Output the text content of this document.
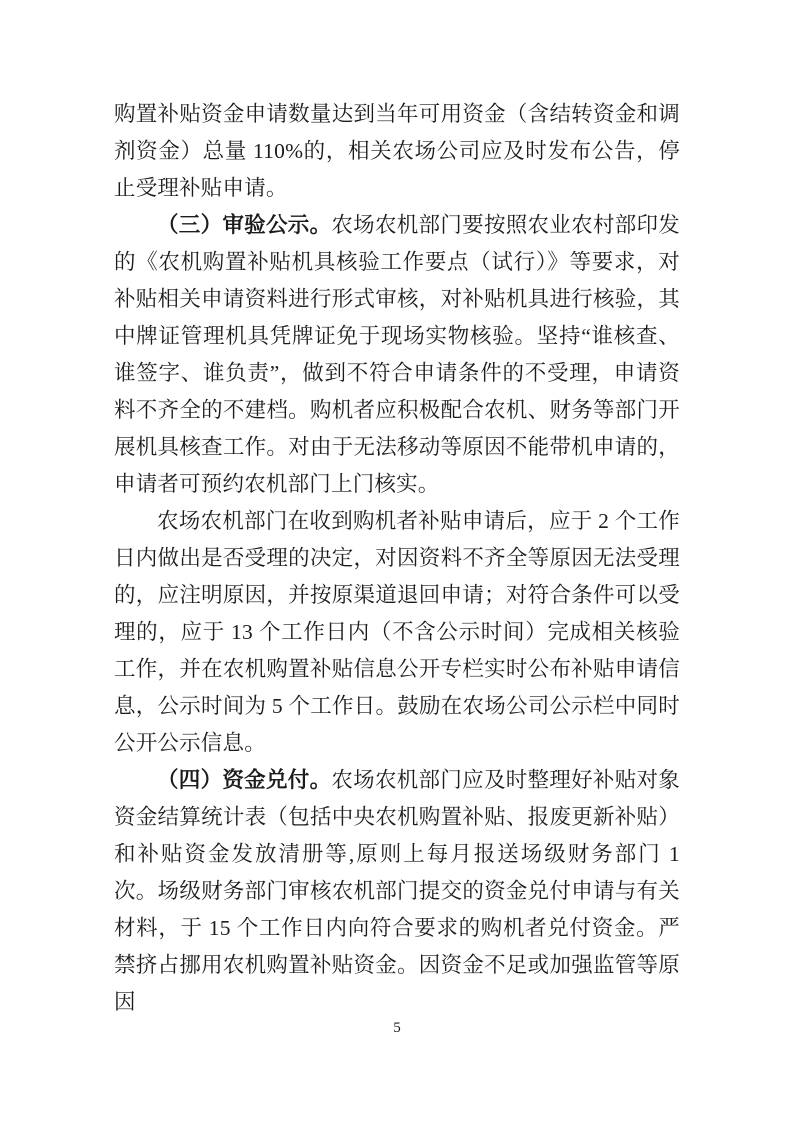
购置补贴资金申请数量达到当年可用资金（含结转资金和调剂资金）总量 110%的，相关农场公司应及时发布公告，停止受理补贴申请。

（三）审验公示。农场农机部门要按照农业农村部印发的《农机购置补贴机具核验工作要点（试行）》等要求，对补贴相关申请资料进行形式审核，对补贴机具进行核验，其中牌证管理机具凭牌证免于现场实物核验。坚持“谁核查、谁签字、谁负责”，做到不符合申请条件的不受理，申请资料不齐全的不建档。购机者应积极配合农机、财务等部门开展机具核查工作。对由于无法移动等原因不能带机申请的，申请者可预约农机部门上门核实。

农场农机部门在收到购机者补贴申请后，应于 2 个工作日内做出是否受理的决定，对因资料不齐全等原因无法受理的，应注明原因，并按原渠道退回申请；对符合条件可以受理的，应于 13 个工作日内（不含公示时间）完成相关核验工作，并在农机购置补贴信息公开专栏实时公布补贴申请信息，公示时间为 5 个工作日。鼓励在农场公司公示栏中同时公开公示信息。

（四）资金兑付。农场农机部门应及时整理好补贴对象资金结算统计表（包括中央农机购置补贴、报废更新补贴）和补贴资金发放清册等,原则上每月报送场级财务部门 1 次。场级财务部门审核农机部门提交的资金兑付申请与有关材料，于 15 个工作日内向符合要求的购机者兑付资金。严禁挤占挪用农机购置补贴资金。因资金不足或加强监管等原因

5
